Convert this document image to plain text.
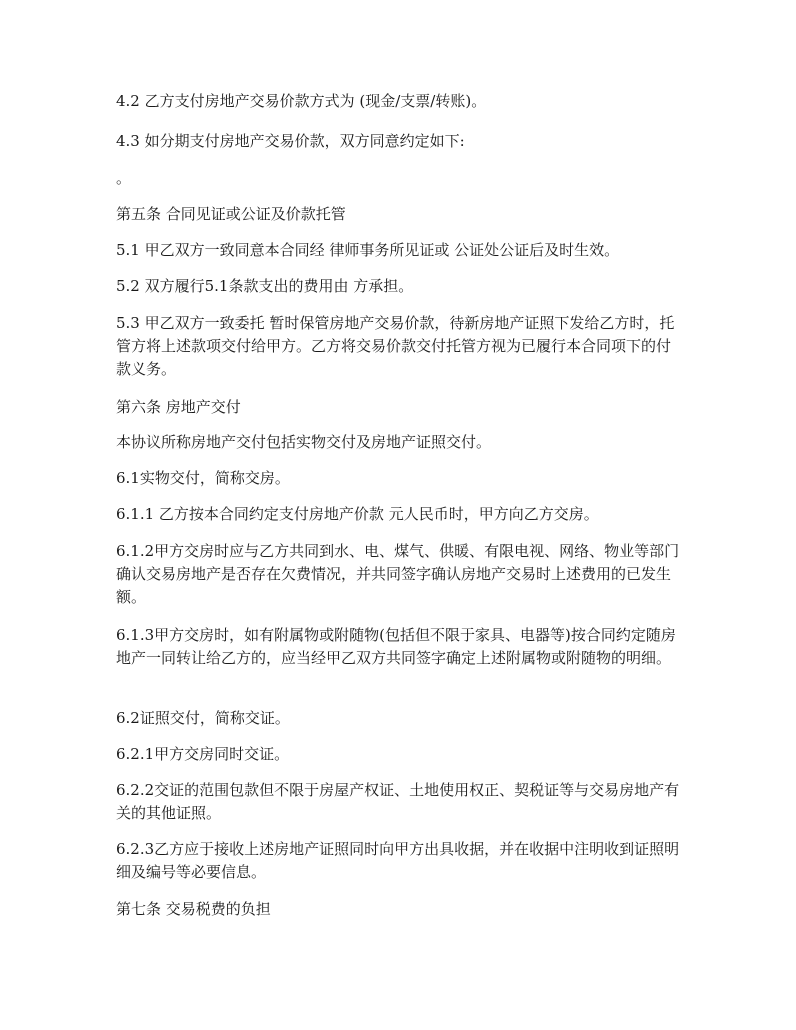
4.2 乙方支付房地产交易价款方式为 (现金/支票/转账)。

4.3 如分期支付房地产交易价款，双方同意约定如下:

。

第五条 合同见证或公证及价款托管

5.1 甲乙双方一致同意本合同经 律师事务所见证或 公证处公证后及时生效。

5.2 双方履行5.1条款支出的费用由 方承担。

5.3 甲乙双方一致委托 暂时保管房地产交易价款，待新房地产证照下发给乙方时，托管方将上述款项交付给甲方。乙方将交易价款交付托管方视为已履行本合同项下的付款义务。

第六条 房地产交付

本协议所称房地产交付包括实物交付及房地产证照交付。

6.1实物交付，简称交房。

6.1.1 乙方按本合同约定支付房地产价款 元人民币时，甲方向乙方交房。

6.1.2甲方交房时应与乙方共同到水、电、煤气、供暖、有限电视、网络、物业等部门确认交易房地产是否存在欠费情况，并共同签字确认房地产交易时上述费用的已发生额。

6.1.3甲方交房时，如有附属物或附随物(包括但不限于家具、电器等)按合同约定随房地产一同转让给乙方的，应当经甲乙双方共同签字确定上述附属物或附随物的明细。

6.2证照交付，简称交证。

6.2.1甲方交房同时交证。

6.2.2交证的范围包款但不限于房屋产权证、土地使用权正、契税证等与交易房地产有关的其他证照。

6.2.3乙方应于接收上述房地产证照同时向甲方出具收据，并在收据中注明收到证照明细及编号等必要信息。

第七条 交易税费的负担
